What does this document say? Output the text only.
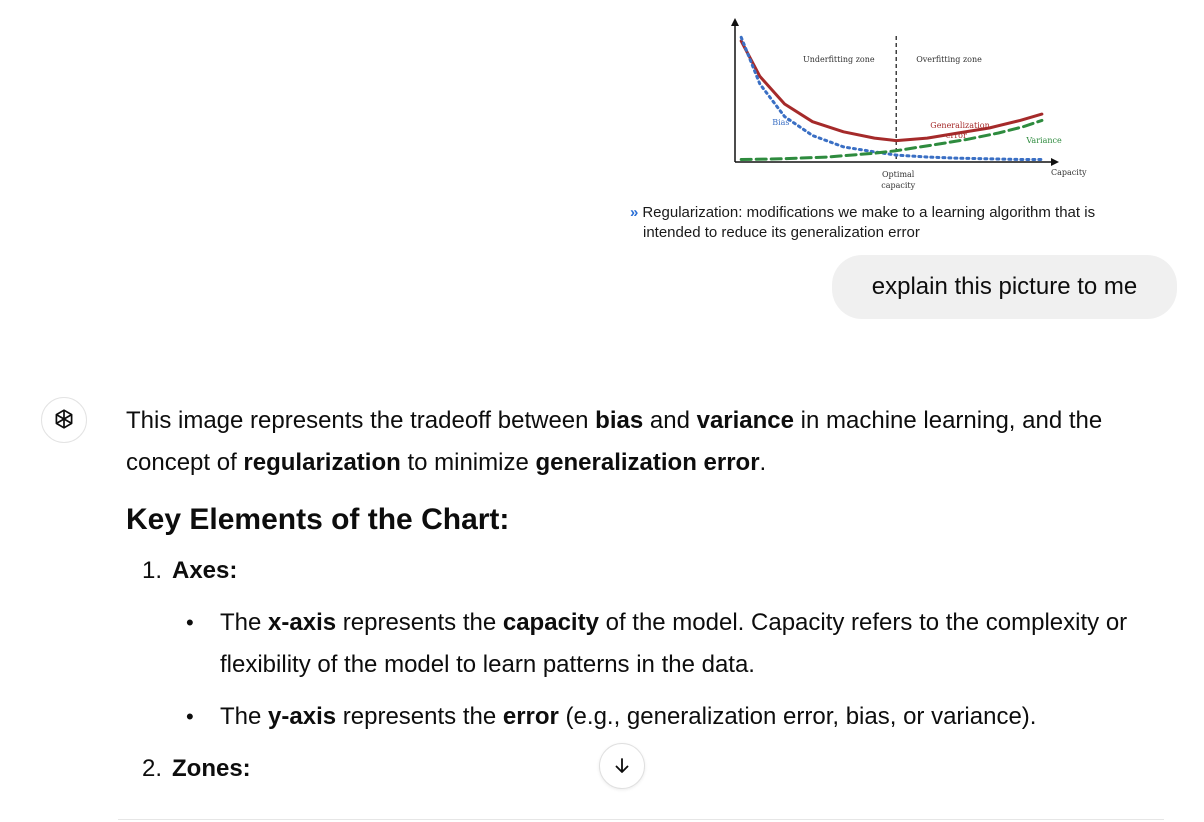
Underfitting zone	Overfitting zone
Bias	Generalization
error
Variance
Optimal
capacity
Capacity
» Regularization: modifications we make to a learning algorithm that is
intended to reduce its generalization error
explain this picture to me

This image represents the tradeoff between bias and variance in machine learning, and the concept of regularization to minimize generalization error.

Key Elements of the Chart:
1. Axes:
•	The x-axis represents the capacity of the model. Capacity refers to the complexity or flexibility of the model to learn patterns in the data.
•	The y-axis represents the error (e.g., generalization error, bias, or variance).
2. Zones:
